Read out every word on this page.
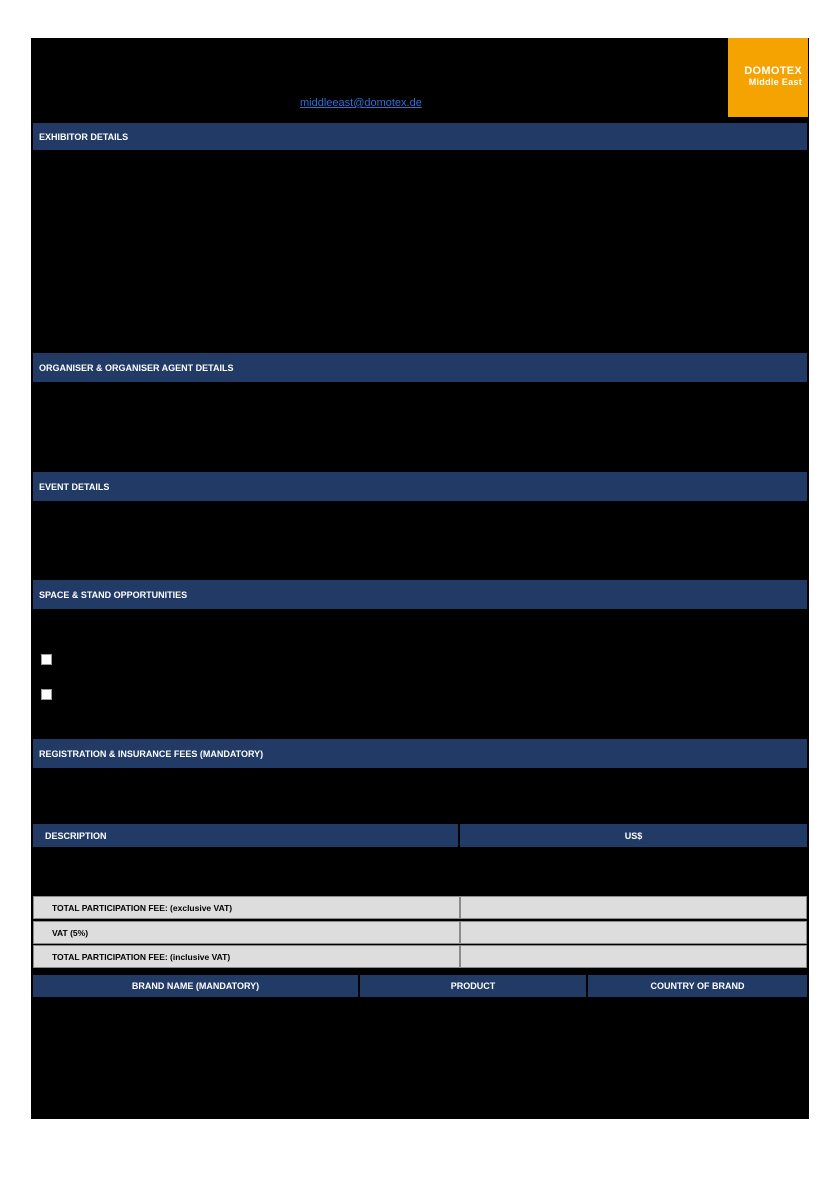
middleeast@domotex.de
DOMOTEX
Middle East
EXHIBITOR DETAILS
ORGANISER & ORGANISER AGENT DETAILS
EVENT DETAILS
SPACE & STAND OPPORTUNITIES
REGISTRATION & INSURANCE FEES (MANDATORY)
DESCRIPTION	US$
TOTAL PARTICIPATION FEE: (exclusive VAT)
VAT (5%)
TOTAL PARTICIPATION FEE: (inclusive VAT)
BRAND NAME (MANDATORY)	PRODUCT	COUNTRY OF BRAND
